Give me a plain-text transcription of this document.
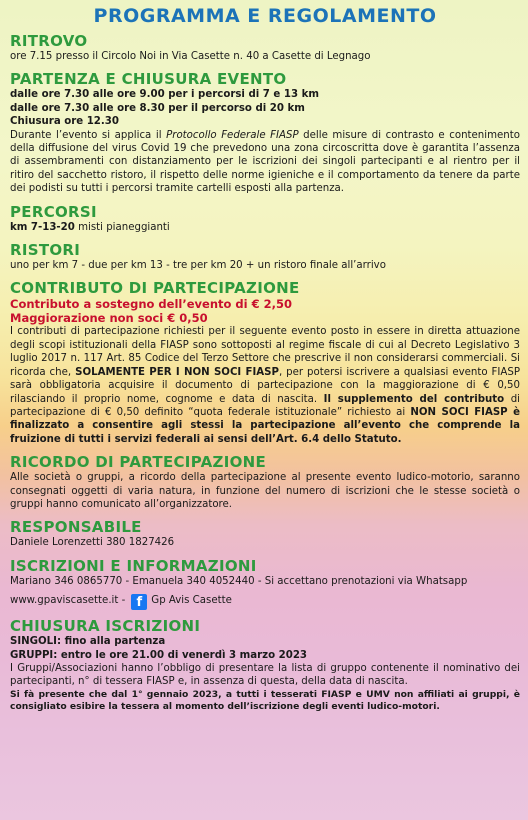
PROGRAMMA E REGOLAMENTO
RITROVO

ore 7.15 presso il Circolo Noi in Via Casette n. 40 a Casette di Legnago

PARTENZA E CHIUSURA EVENTO

dalle ore 7.30 alle ore 9.00 per i percorsi di 7 e 13 km

dalle ore 7.30 alle ore 8.30 per il percorso di 20 km

Chiusura ore 12.30

Durante l’evento si applica il Protocollo Federale FIASP delle misure di contrasto e contenimento della diffusione del virus Covid 19 che prevedono una zona circoscritta dove è garantita l’assenza di assembramenti con distanziamento per le iscrizioni dei singoli partecipanti e al rientro per il ritiro del sacchetto ristoro, il rispetto delle norme igieniche e il comportamento da tenere da parte dei podisti su tutti i percorsi tramite cartelli esposti alla partenza.

PERCORSI

km 7-13-20 misti pianeggianti

RISTORI

uno per km 7 - due per km 13 - tre per km 20 + un ristoro finale all’arrivo

CONTRIBUTO DI PARTECIPAZIONE

Contributo a sostegno dell’evento di € 2,50

Maggiorazione non soci € 0,50

I contributi di partecipazione richiesti per il seguente evento posto in essere in diretta attuazione degli scopi istituzionali della FIASP sono sottoposti al regime fiscale di cui al Decreto Legislativo 3 luglio 2017 n. 117 Art. 85 Codice del Terzo Settore che prescrive il non considerarsi commerciali. Si ricorda che, SOLAMENTE PER I NON SOCI FIASP, per potersi iscrivere a qualsiasi evento FIASP sarà obbligatoria acquisire il documento di partecipazione con la maggiorazione di € 0,50 rilasciando il proprio nome, cognome e data di nascita. Il supplemento del contributo di partecipazione di € 0,50 definito “quota federale istituzionale” richiesto ai NON SOCI FIASP è finalizzato a consentire agli stessi la partecipazione all’evento che comprende la fruizione di tutti i servizi federali ai sensi dell’Art. 6.4 dello Statuto.

RICORDO DI PARTECIPAZIONE

Alle società o gruppi, a ricordo della partecipazione al presente evento ludico-motorio, saranno consegnati oggetti di varia natura, in funzione del numero di iscrizioni che le stesse società o gruppi hanno comunicato all’organizzatore.

RESPONSABILE

Daniele Lorenzetti 380 1827426

ISCRIZIONI E INFORMAZIONI

Mariano 346 0865770 - Emanuela 340 4052440 - Si accettano prenotazioni via Whatsapp

www.gpaviscasette.it - f Gp Avis Casette
CHIUSURA ISCRIZIONI

SINGOLI: fino alla partenza

GRUPPI: entro le ore 21.00 di venerdì 3 marzo 2023

I Gruppi/Associazioni hanno l’obbligo di presentare la lista di gruppo contenente il nominativo dei partecipanti, n° di tessera FIASP e, in assenza di questa, della data di nascita.

Si fà presente che dal 1° gennaio 2023, a tutti i tesserati FIASP e UMV non affiliati ai gruppi, è consigliato esibire la tessera al momento dell’iscrizione degli eventi ludico-motori.
